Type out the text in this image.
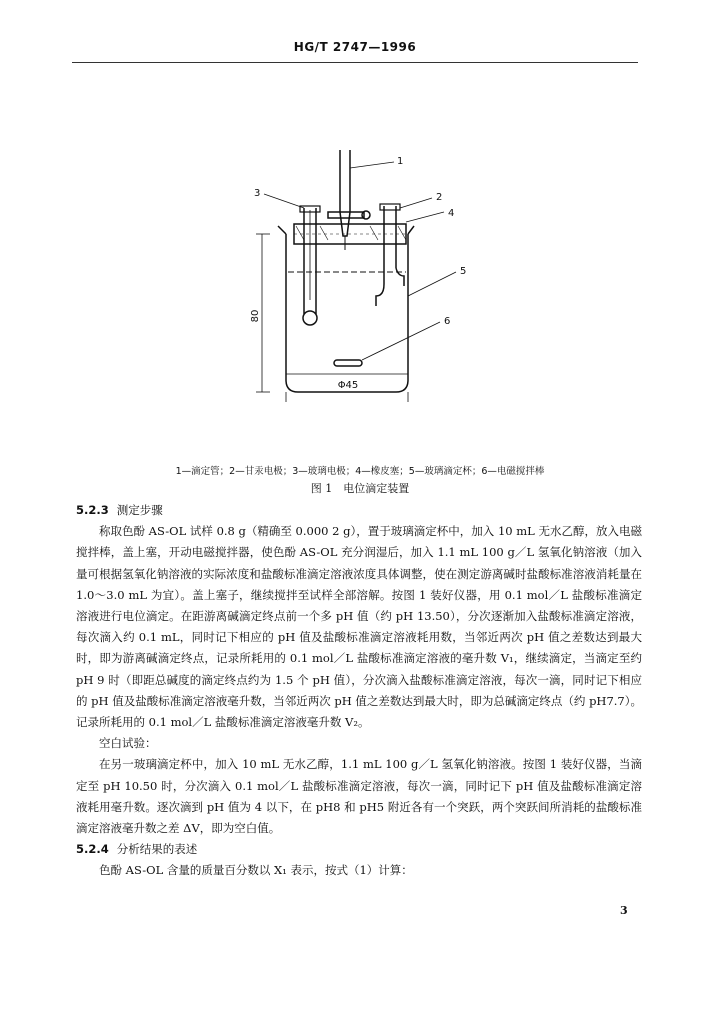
HG/T 2747—1996
1
2
3
4
5
6
80
Φ45
1—滴定管；2—甘汞电极；3—玻璃电极；4—橡皮塞；5—玻璃滴定杯；6—电磁搅拌棒
图 1　电位滴定装置

5.2.3 测定步骤

称取色酚 AS-OL 试样 0.8 g（精确至 0.000 2 g），置于玻璃滴定杯中，加入 10 mL 无水乙醇，放入电磁搅拌棒，盖上塞，开动电磁搅拌器，使色酚 AS-OL 充分润湿后，加入 1.1 mL 100 g／L 氢氧化钠溶液（加入量可根据氢氧化钠溶液的实际浓度和盐酸标准滴定溶液浓度具体调整，使在测定游离碱时盐酸标准溶液消耗量在 1.0～3.0 mL 为宜）。盖上塞子，继续搅拌至试样全部溶解。按图 1 装好仪器，用 0.1 mol／L 盐酸标准滴定溶液进行电位滴定。在距游离碱滴定终点前一个多 pH 值（约 pH 13.50），分次逐渐加入盐酸标准滴定溶液，每次滴入约 0.1 mL，同时记下相应的 pH 值及盐酸标准滴定溶液耗用数，当邻近两次 pH 值之差数达到最大时，即为游离碱滴定终点，记录所耗用的 0.1 mol／L 盐酸标准滴定溶液的毫升数 V₁，继续滴定，当滴定至约 pH 9 时（即距总碱度的滴定终点约为 1.5 个 pH 值），分次滴入盐酸标准滴定溶液，每次一滴，同时记下相应的 pH 值及盐酸标准滴定溶液毫升数，当邻近两次 pH 值之差数达到最大时，即为总碱滴定终点（约 pH7.7）。记录所耗用的 0.1 mol／L 盐酸标准滴定溶液毫升数 V₂。

空白试验：

在另一玻璃滴定杯中，加入 10 mL 无水乙醇，1.1 mL 100 g／L 氢氧化钠溶液。按图 1 装好仪器，当滴定至 pH 10.50 时，分次滴入 0.1 mol／L 盐酸标准滴定溶液，每次一滴，同时记下 pH 值及盐酸标准滴定溶液耗用毫升数。逐次滴到 pH 值为 4 以下，在 pH8 和 pH5 附近各有一个突跃，两个突跃间所消耗的盐酸标准滴定溶液毫升数之差 ΔV，即为空白值。

5.2.4 分析结果的表述

色酚 AS-OL 含量的质量百分数以 X₁ 表示，按式（1）计算：

3
